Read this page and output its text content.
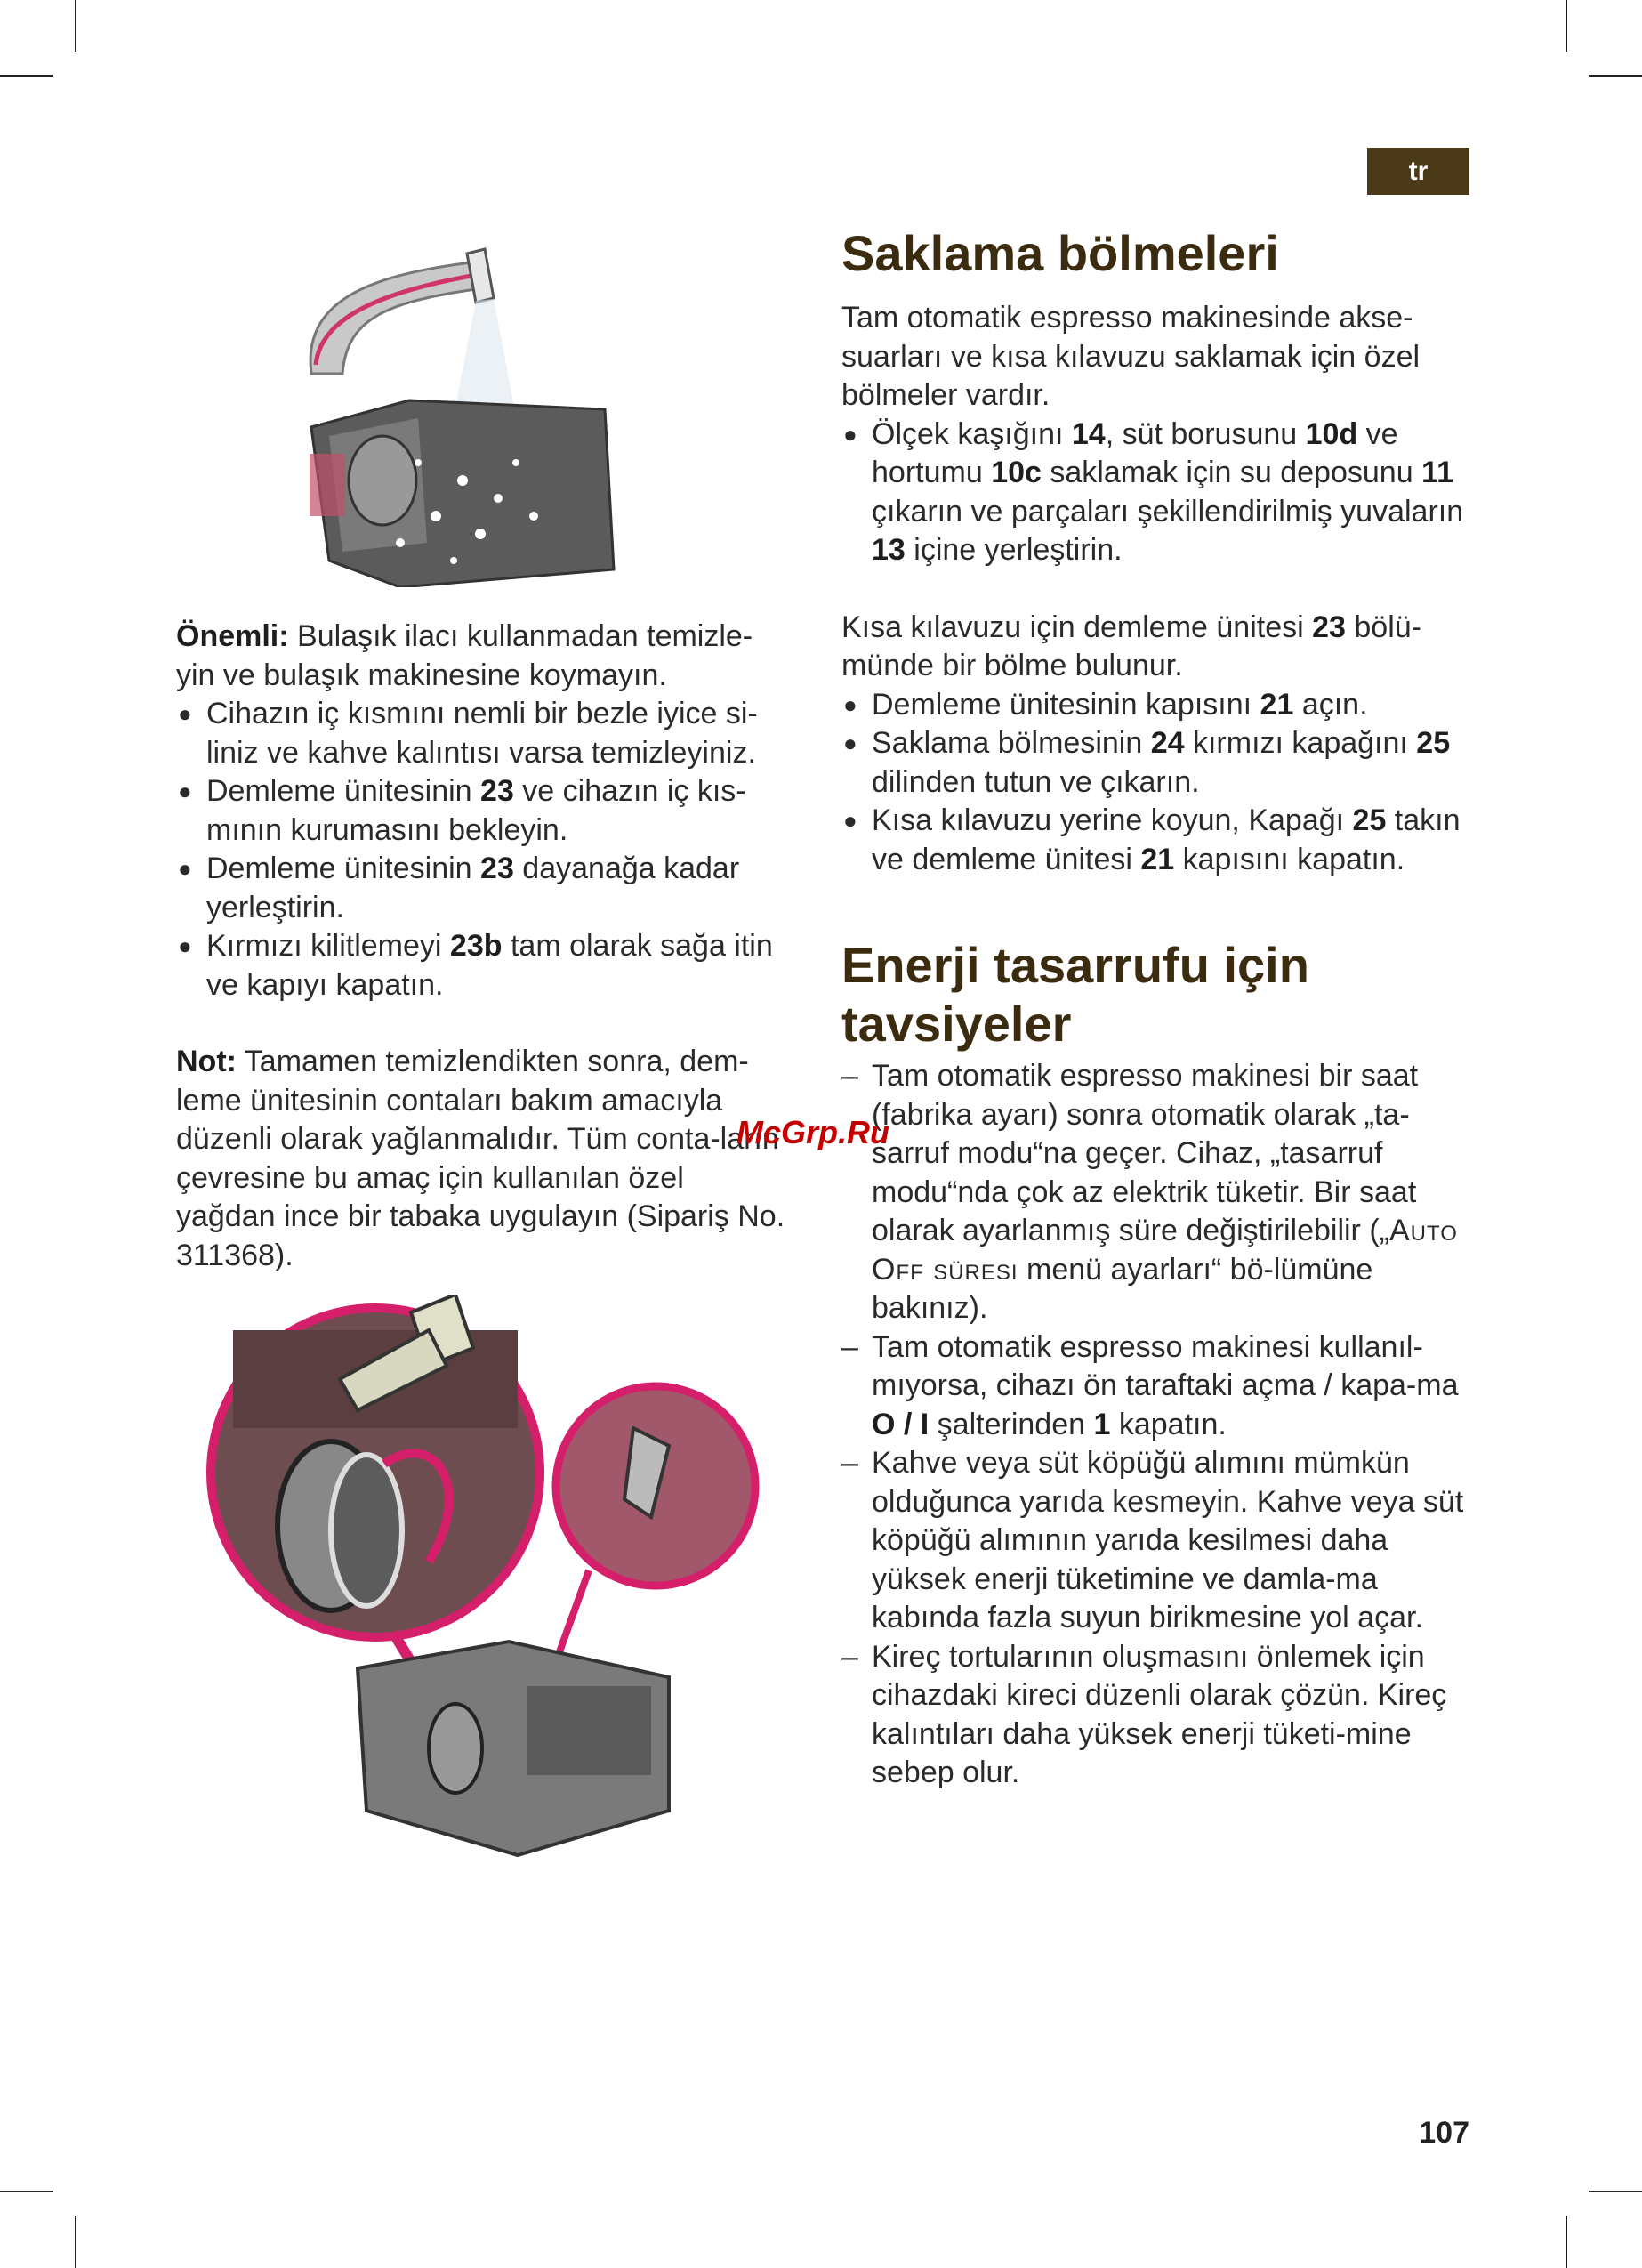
tr

Önemli: Bulaşık ilacı kullanmadan temizle-yin ve bulaşık makinesine koymayın.

● Cihazın iç kısmını nemli bir bezle iyice si-liniz ve kahve kalıntısı varsa temizleyiniz.
● Demleme ünitesinin 23 ve cihazın iç kıs-mının kurumasını bekleyin.
● Demleme ünitesinin 23 dayanağa kadar yerleştirin.
● Kırmızı kilitlemeyi 23b tam olarak sağa itin ve kapıyı kapatın.

Not: Tamamen temizlendikten sonra, dem-leme ünitesinin contaları bakım amacıyla düzenli olarak yağlanmalıdır. Tüm conta-ların çevresine bu amaç için kullanılan özel yağdan ince bir tabaka uygulayın (Sipariş No. 311368).

Saklama bölmeleri

Tam otomatik espresso makinesinde akse-suarları ve kısa kılavuzu saklamak için özel bölmeler vardır.

● Ölçek kaşığını 14, süt borusunu 10d ve hortumu 10c saklamak için su deposunu 11 çıkarın ve parçaları şekillendirilmiş yuvaların 13 içine yerleştirin.

Kısa kılavuzu için demleme ünitesi 23 bölü-münde bir bölme bulunur.

● Demleme ünitesinin kapısını 21 açın.
● Saklama bölmesinin 24 kırmızı kapağını 25 dilinden tutun ve çıkarın.
● Kısa kılavuzu yerine koyun, Kapağı 25 takın ve demleme ünitesi 21 kapısını kapatın.
Enerji tasarrufu için tavsiyeler
– Tam otomatik espresso makinesi bir saat (fabrika ayarı) sonra otomatik olarak „ta-sarruf modu“na geçer. Cihaz, „tasarruf modu“nda çok az elektrik tüketir. Bir saat olarak ayarlanmış süre değiştirilebilir („Auto Off süresi menü ayarları“ bö-lümüne bakınız).
– Tam otomatik espresso makinesi kullanıl-mıyorsa, cihazı ön taraftaki açma / kapa-ma O / I şalterinden 1 kapatın.
– Kahve veya süt köpüğü alımını mümkün olduğunca yarıda kesmeyin. Kahve veya süt köpüğü alımının yarıda kesilmesi daha yüksek enerji tüketimine ve damla-ma kabında fazla suyun birikmesine yol açar.
– Kireç tortularının oluşmasını önlemek için cihazdaki kireci düzenli olarak çözün. Kireç kalıntıları daha yüksek enerji tüketi-mine sebep olur.
McGrp.Ru
107
